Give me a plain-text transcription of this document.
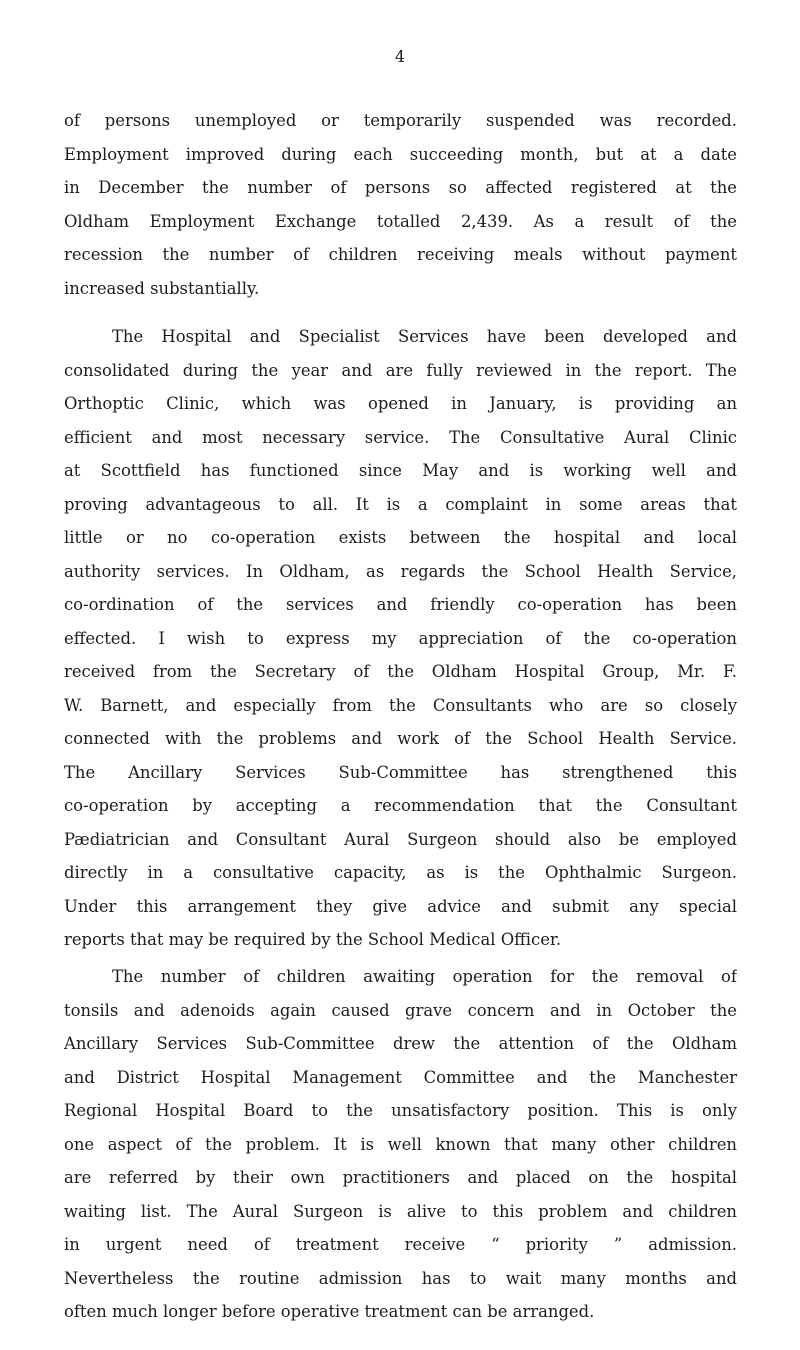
4
of persons unemployed or temporarily suspended was recorded.
Employment improved during each succeeding month, but at a date
in December the number of persons so affected registered at the
Oldham Employment Exchange totalled 2,439. As a result of the
recession the number of children receiving meals without payment
increased substantially.
The Hospital and Specialist Services have been developed and
consolidated during the year and are fully reviewed in the report. The
Orthoptic Clinic, which was opened in January, is providing an
efficient and most necessary service. The Consultative Aural Clinic
at Scottfield has functioned since May and is working well and
proving advantageous to all. It is a complaint in some areas that
little or no co-operation exists between the hospital and local
authority services. In Oldham, as regards the School Health Service,
co-ordination of the services and friendly co-operation has been
effected. I wish to express my appreciation of the co-operation
received from the Secretary of the Oldham Hospital Group, Mr. F.
W. Barnett, and especially from the Consultants who are so closely
connected with the problems and work of the School Health Service.
The Ancillary Services Sub-Committee has strengthened this
co-operation by accepting a recommendation that the Consultant
Pædiatrician and Consultant Aural Surgeon should also be employed
directly in a consultative capacity, as is the Ophthalmic Surgeon.
Under this arrangement they give advice and submit any special
reports that may be required by the School Medical Officer.
The number of children awaiting operation for the removal of
tonsils and adenoids again caused grave concern and in October the
Ancillary Services Sub-Committee drew the attention of the Oldham
and District Hospital Management Committee and the Manchester
Regional Hospital Board to the unsatisfactory position. This is only
one aspect of the problem. It is well known that many other children
are referred by their own practitioners and placed on the hospital
waiting list. The Aural Surgeon is alive to this problem and children
in urgent need of treatment receive “ priority ” admission.
Nevertheless the routine admission has to wait many months and
often much longer before operative treatment can be arranged.
